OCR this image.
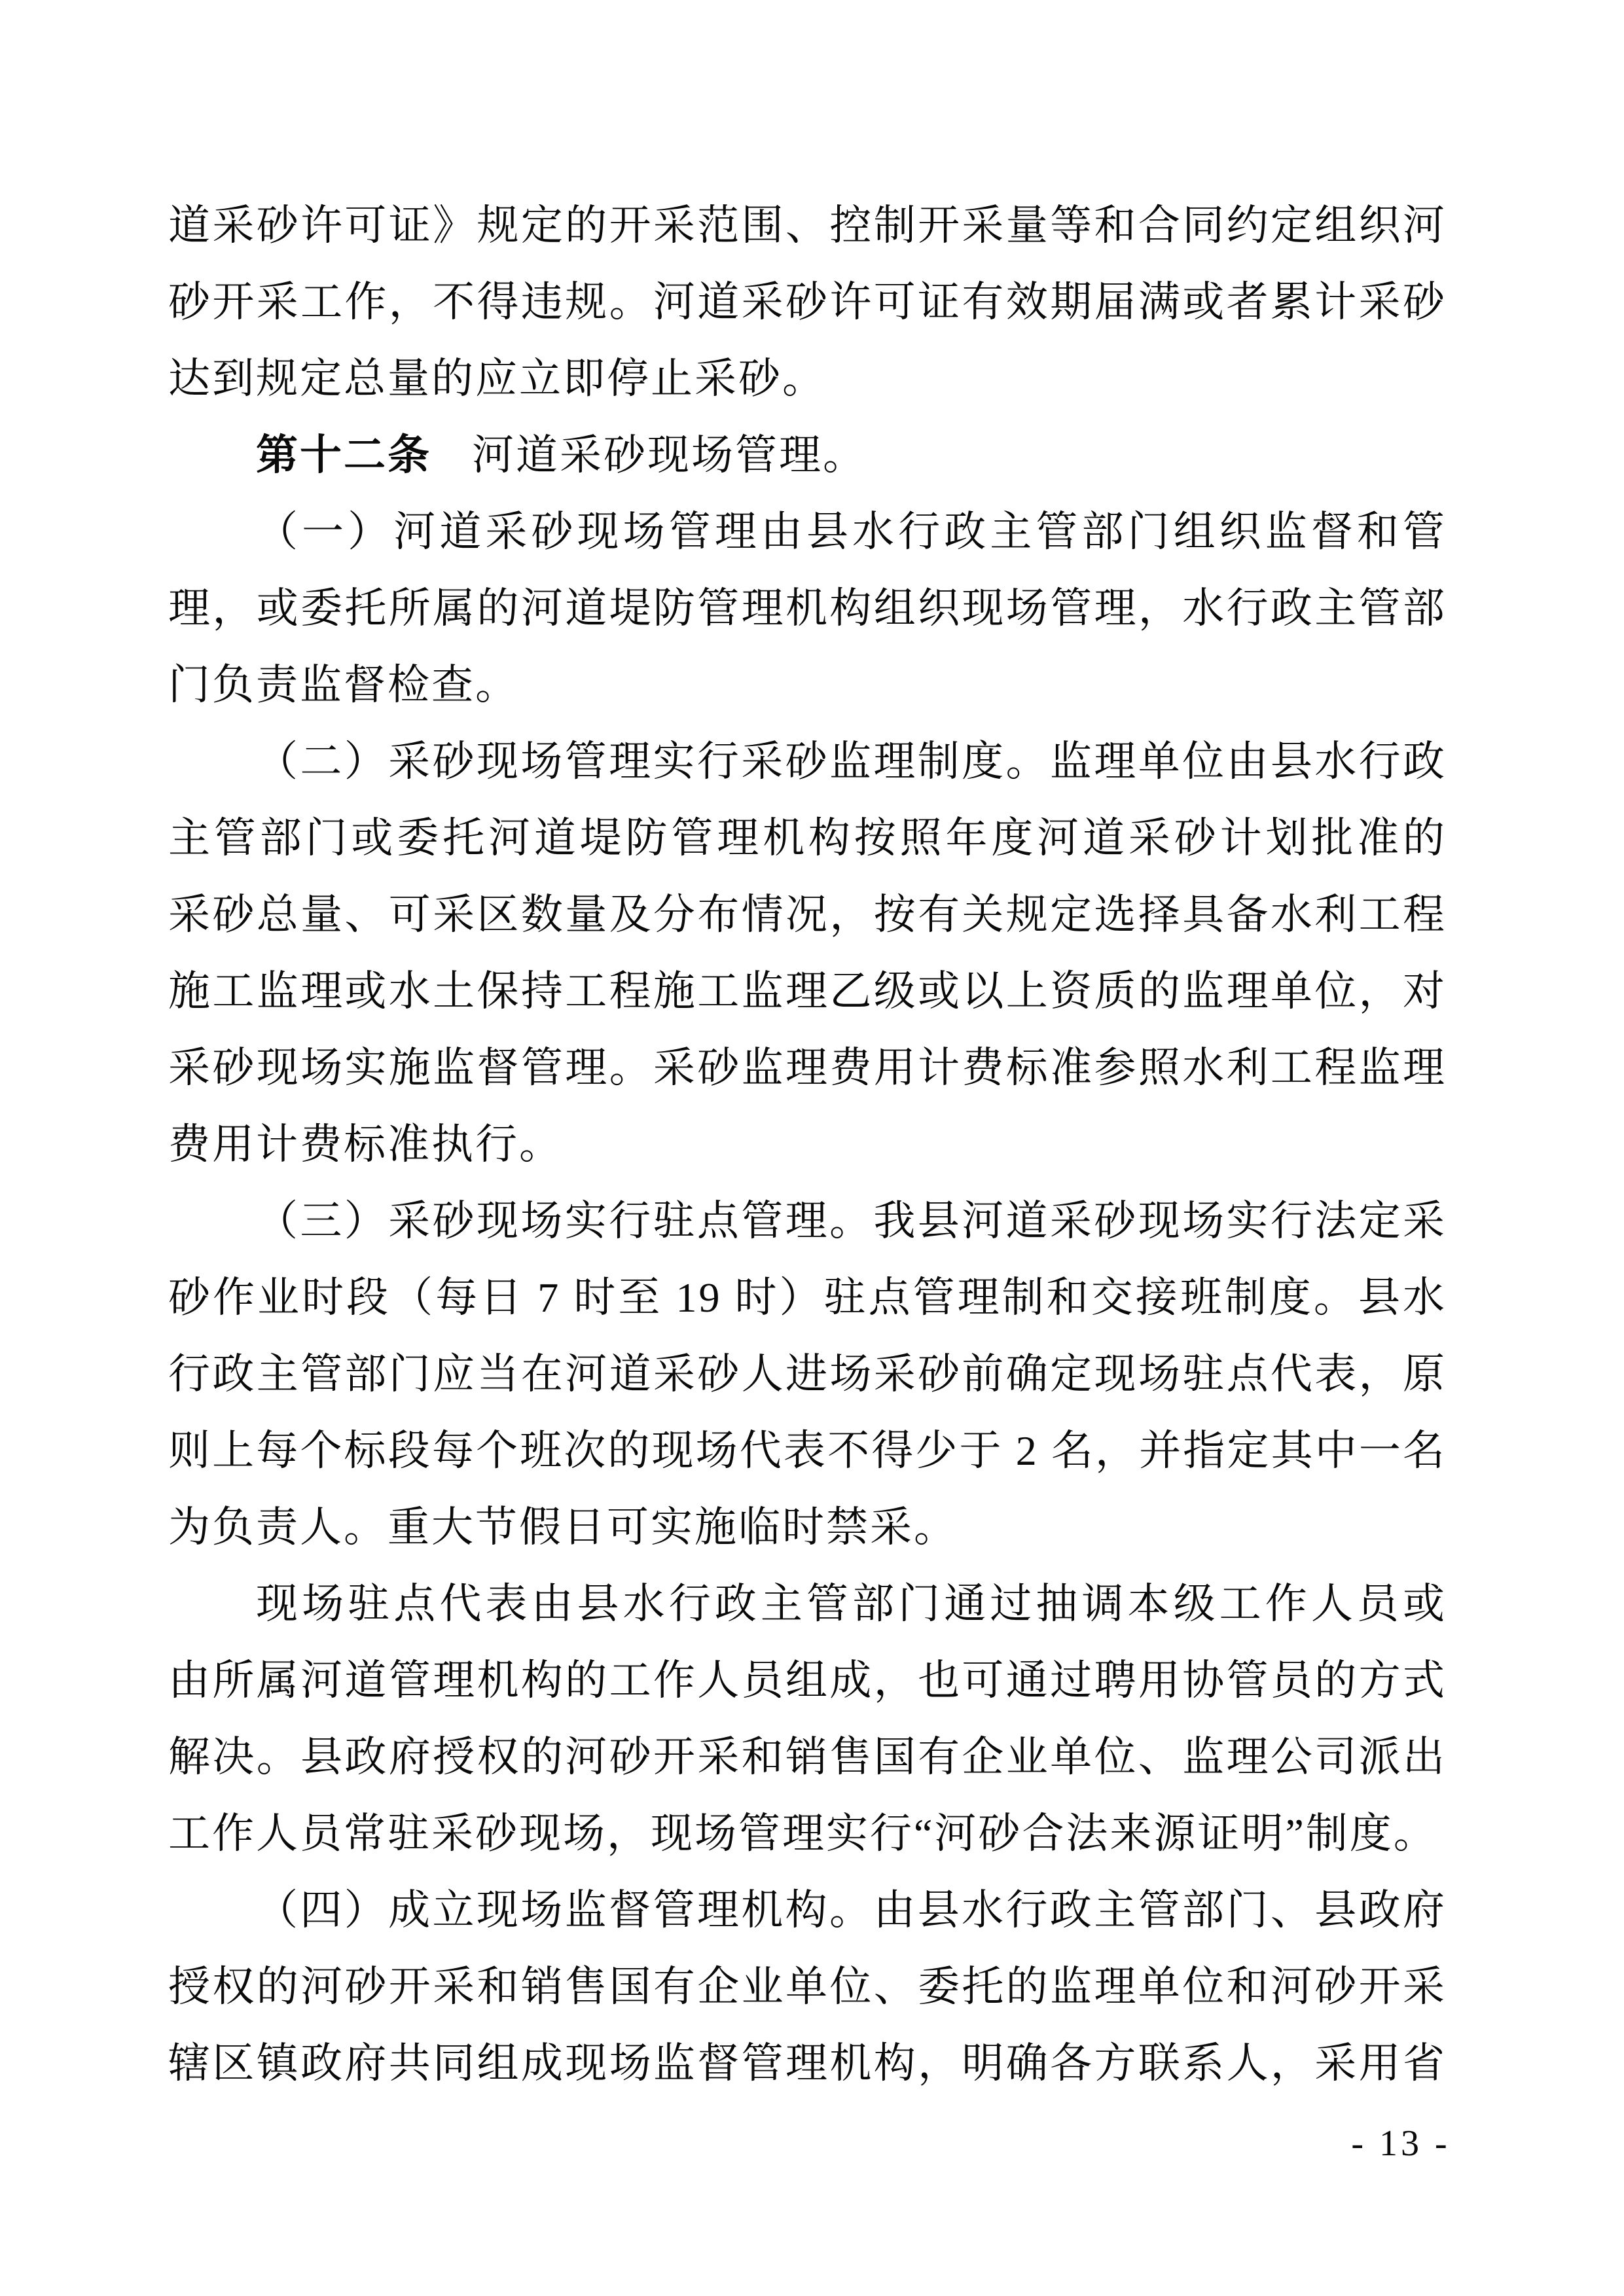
道采砂许可证》规定的开采范围、控制开采量等和合同约定组织河
砂开采工作，不得违规。河道采砂许可证有效期届满或者累计采砂
达到规定总量的应立即停止采砂。
第十二条 河道采砂现场管理。
（一）河道采砂现场管理由县水行政主管部门组织监督和管
理，或委托所属的河道堤防管理机构组织现场管理，水行政主管部
门负责监督检查。
（二）采砂现场管理实行采砂监理制度。监理单位由县水行政
主管部门或委托河道堤防管理机构按照年度河道采砂计划批准的
采砂总量、可采区数量及分布情况，按有关规定选择具备水利工程
施工监理或水土保持工程施工监理乙级或以上资质的监理单位，对
采砂现场实施监督管理。采砂监理费用计费标准参照水利工程监理
费用计费标准执行。
（三）采砂现场实行驻点管理。我县河道采砂现场实行法定采
砂作业时段（每日 7 时至 19 时）驻点管理制和交接班制度。县水
行政主管部门应当在河道采砂人进场采砂前确定现场驻点代表，原
则上每个标段每个班次的现场代表不得少于 2 名，并指定其中一名
为负责人。重大节假日可实施临时禁采。
现场驻点代表由县水行政主管部门通过抽调本级工作人员或
由所属河道管理机构的工作人员组成，也可通过聘用协管员的方式
解决。县政府授权的河砂开采和销售国有企业单位、监理公司派出
工作人员常驻采砂现场，现场管理实行“河砂合法来源证明”制度。
（四）成立现场监督管理机构。由县水行政主管部门、县政府
授权的河砂开采和销售国有企业单位、委托的监理单位和河砂开采
辖区镇政府共同组成现场监督管理机构，明确各方联系人，采用省
- 13 -
